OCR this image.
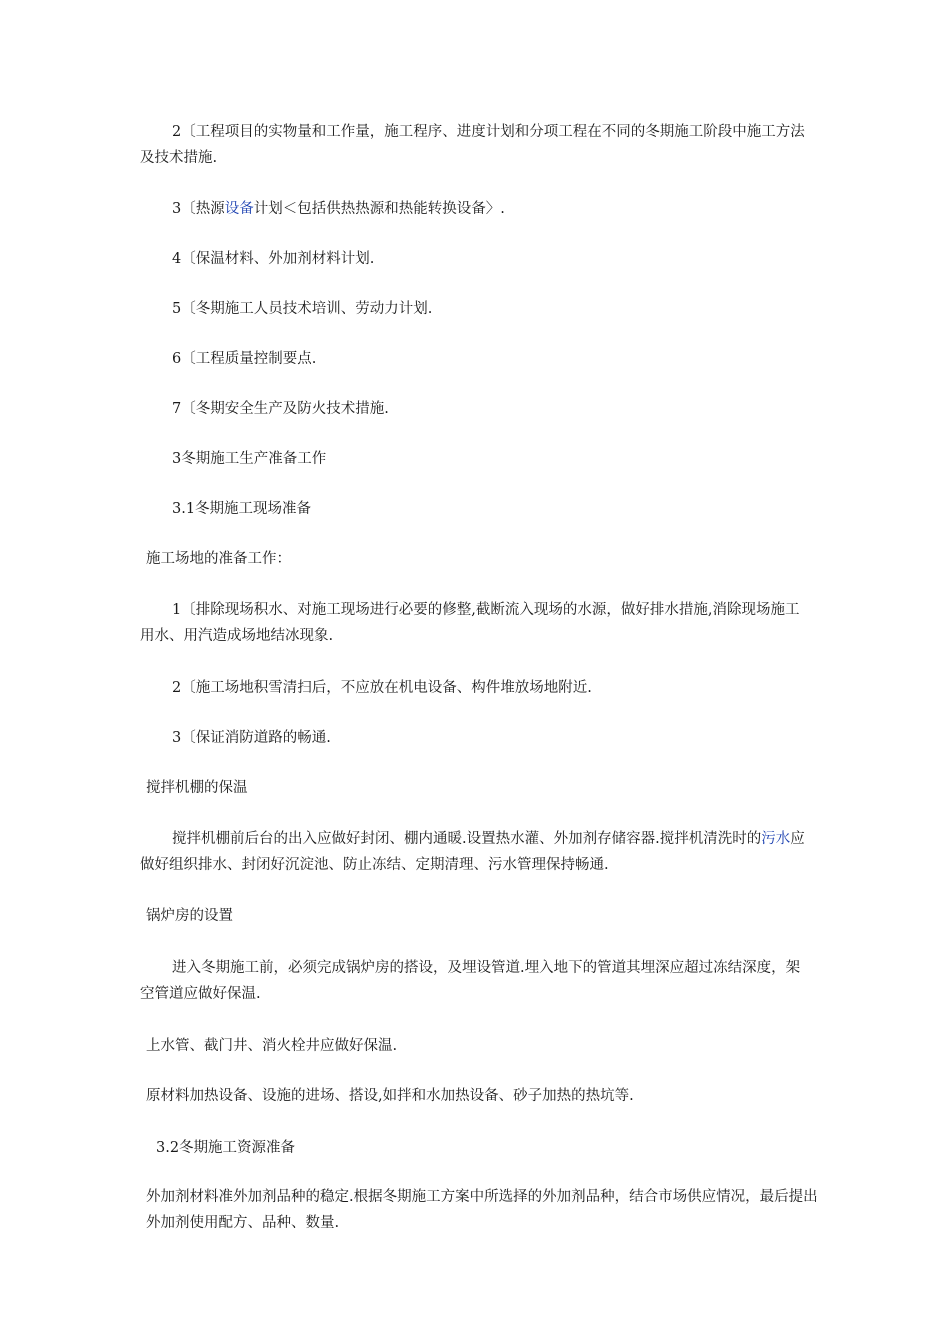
2〔工程项目的实物量和工作量，施工程序、进度计划和分项工程在不同的冬期施工阶段中施工方法及技术措施.

3〔热源设备计划＜包括供热热源和热能转换设备〉.

4〔保温材料、外加剂材料计划.

5〔冬期施工人员技术培训、劳动力计划.

6〔工程质量控制要点.

7〔冬期安全生产及防火技术措施.

3冬期施工生产准备工作

3.1冬期施工现场准备

施工场地的准备工作：

1〔排除现场积水、对施工现场进行必要的修整,截断流入现场的水源，做好排水措施,消除现场施工用水、用汽造成场地结冰现象.

2〔施工场地积雪清扫后，不应放在机电设备、构件堆放场地附近.

3〔保证消防道路的畅通.

搅拌机棚的保温

搅拌机棚前后台的出入应做好封闭、棚内通暖.设置热水灌、外加剂存储容器.搅拌机清洗时的污水应做好组织排水、封闭好沉淀池、防止冻结、定期清理、污水管理保持畅通.

锅炉房的设置

进入冬期施工前，必须完成锅炉房的搭设，及埋设管道.埋入地下的管道其埋深应超过冻结深度，架空管道应做好保温.

上水管、截门井、消火栓井应做好保温.

原材料加热设备、设施的进场、搭设,如拌和水加热设备、砂子加热的热坑等.

3.2冬期施工资源准备

外加剂材料准外加剂品种的稳定.根据冬期施工方案中所选择的外加剂品种，结合市场供应情况，最后提出外加剂使用配方、品种、数量.
